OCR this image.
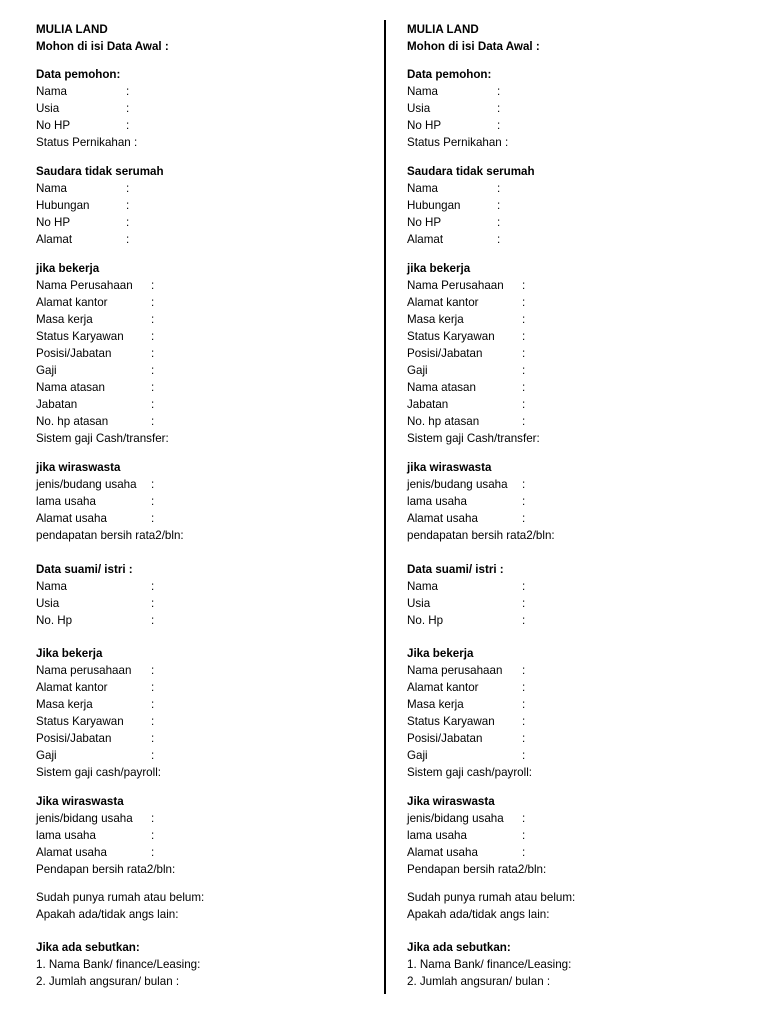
MULIA LAND
Mohon di isi Data Awal :
Data pemohon:
Nama	:
Usia	:
No HP	:
Status Pernikahan :
Saudara tidak serumah
Nama	:
Hubungan	:
No HP	:
Alamat	:
jika bekerja
Nama Perusahaan :
Alamat kantor	:
Masa kerja	:
Status Karyawan :
Posisi/Jabatan	:
Gaji	:
Nama atasan	:
Jabatan	:
No. hp atasan	:
Sistem gaji Cash/transfer:
jika wiraswasta
jenis/budang usaha :
lama usaha	:
Alamat usaha	:
pendapatan bersih rata2/bln:
Data suami/ istri :
Nama	:
Usia	:
No. Hp	:
Jika bekerja
Nama perusahaan :
Alamat kantor	:
Masa kerja	:
Status Karyawan :
Posisi/Jabatan	:
Gaji	:
Sistem gaji cash/payroll:
Jika wiraswasta
jenis/bidang usaha :
lama usaha	:
Alamat usaha	:
Pendapan bersih rata2/bln:
Sudah punya rumah atau belum:
Apakah ada/tidak angs lain:
Jika ada sebutkan:
1. Nama Bank/ finance/Leasing:
2. Jumlah angsuran/ bulan :
MULIA LAND
Mohon di isi Data Awal :
Data pemohon:
Nama	:
Usia	:
No HP	:
Status Pernikahan :
Saudara tidak serumah
Nama	:
Hubungan	:
No HP	:
Alamat	:
jika bekerja
Nama Perusahaan :
Alamat kantor	:
Masa kerja	:
Status Karyawan :
Posisi/Jabatan	:
Gaji	:
Nama atasan	:
Jabatan	:
No. hp atasan	:
Sistem gaji Cash/transfer:
jika wiraswasta
jenis/budang usaha :
lama usaha	:
Alamat usaha	:
pendapatan bersih rata2/bln:
Data suami/ istri :
Nama	:
Usia	:
No. Hp	:
Jika bekerja
Nama perusahaan :
Alamat kantor	:
Masa kerja	:
Status Karyawan :
Posisi/Jabatan	:
Gaji	:
Sistem gaji cash/payroll:
Jika wiraswasta
jenis/bidang usaha :
lama usaha	:
Alamat usaha	:
Pendapan bersih rata2/bln:
Sudah punya rumah atau belum:
Apakah ada/tidak angs lain:
Jika ada sebutkan:
1. Nama Bank/ finance/Leasing:
2. Jumlah angsuran/ bulan :
